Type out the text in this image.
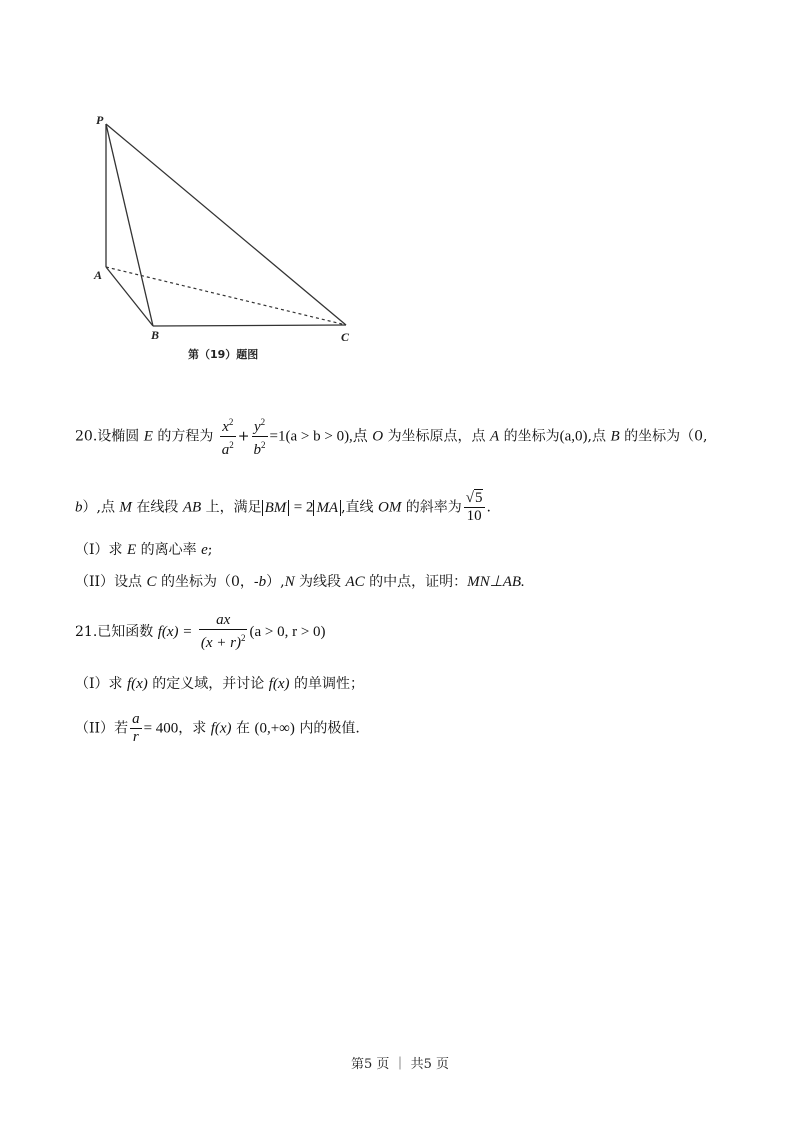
P
A
B	C
第（19）题图
20.设椭圆 E 的方程为 $\frac{x^2}{a^2} + \frac{y^2}{b^2} =1(a > b > 0)$,点 O 为坐标原点，点 A 的坐标为(a,0),点 B 的坐标为（0,
b）,点 M 在线段 AB 上，满足 BM = 2 MA ,直线 OM 的斜率为 $\frac{√5}{10}$ .
（I）求 E 的离心率 e;
（II）设点 C 的坐标为（0，-b）,N 为线段 AC 的中点，证明：MN⊥AB.
21.已知函数 $f(x) = \frac{ax}{(x + r)^2} (a > 0$, r > 0)
（I）求 f(x) 的定义域，并讨论 f(x) 的单调性；
（II）若 $\frac{a}{r} = 400$，求 f(x) 在 (0,+∞) 内的极值.
第5 页 ｜ 共5 页
